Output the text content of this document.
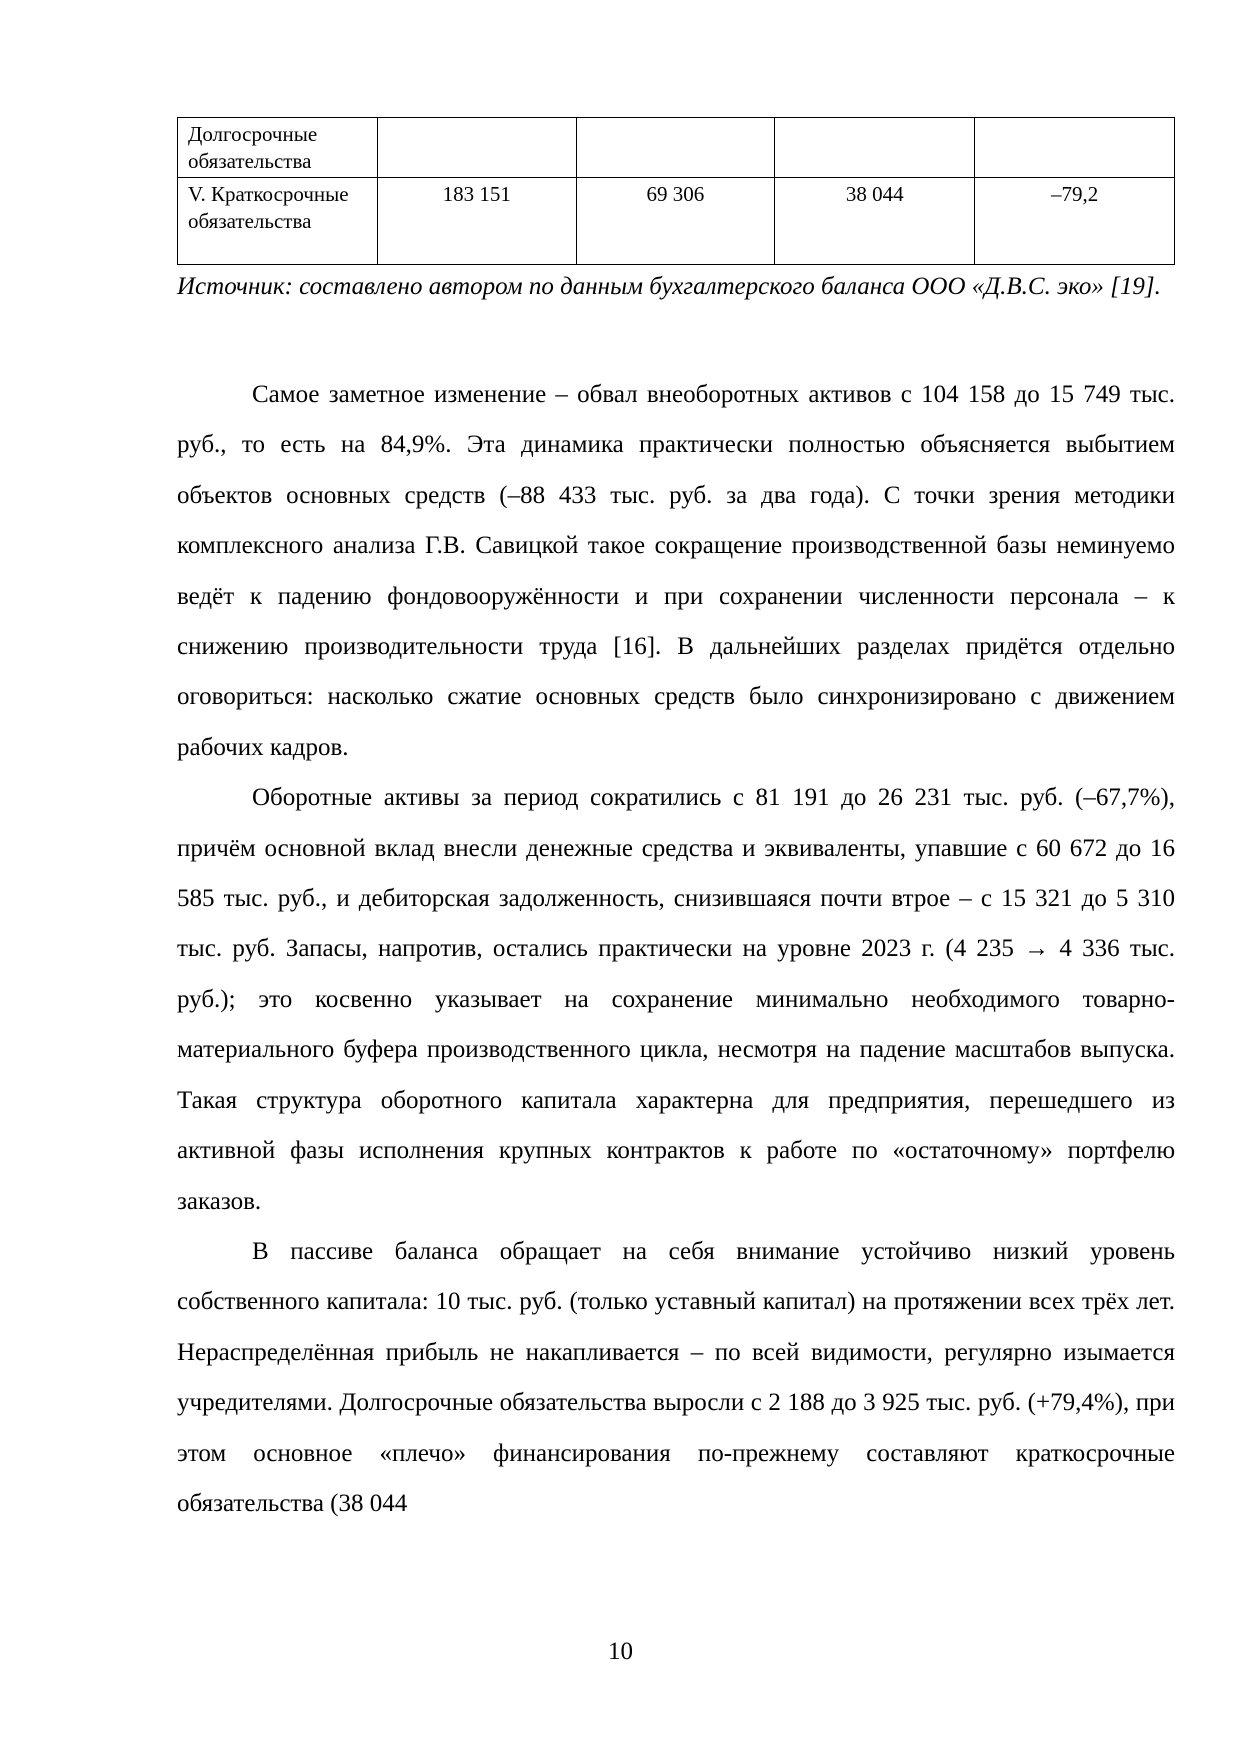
Долгосрочные обязательства				
V. Краткосрочные обязательства	183 151	69 306	38 044	–79,2

Источник: составлено автором по данным бухгалтерского баланса ООО «Д.В.С. эко» [19].

Самое заметное изменение – обвал внеоборотных активов с 104 158 до 15 749 тыс. руб., то есть на 84,9%. Эта динамика практически полностью объясняется выбытием объектов основных средств (–88 433 тыс. руб. за два года). С точки зрения методики комплексного анализа Г.В. Савицкой такое сокращение производственной базы неминуемо ведёт к падению фондовооружённости и при сохранении численности персонала – к снижению производительности труда [16]. В дальнейших разделах придётся отдельно оговориться: насколько сжатие основных средств было синхронизировано с движением рабочих кадров.

Оборотные активы за период сократились с 81 191 до 26 231 тыс. руб. (–67,7%), причём основной вклад внесли денежные средства и эквиваленты, упавшие с 60 672 до 16 585 тыс. руб., и дебиторская задолженность, снизившаяся почти втрое – с 15 321 до 5 310 тыс. руб. Запасы, напротив, остались практически на уровне 2023 г. (4 235 → 4 336 тыс. руб.); это косвенно указывает на сохранение минимально необходимого товарно-материального буфера производственного цикла, несмотря на падение масштабов выпуска. Такая структура оборотного капитала характерна для предприятия, перешедшего из активной фазы исполнения крупных контрактов к работе по «остаточному» портфелю заказов.

В пассиве баланса обращает на себя внимание устойчиво низкий уровень собственного капитала: 10 тыс. руб. (только уставный капитал) на протяжении всех трёх лет. Нераспределённая прибыль не накапливается – по всей видимости, регулярно изымается учредителями. Долгосрочные обязательства выросли с 2 188 до 3 925 тыс. руб. (+79,4%), при этом основное «плечо» финансирования по-прежнему составляют краткосрочные обязательства (38 044

10
